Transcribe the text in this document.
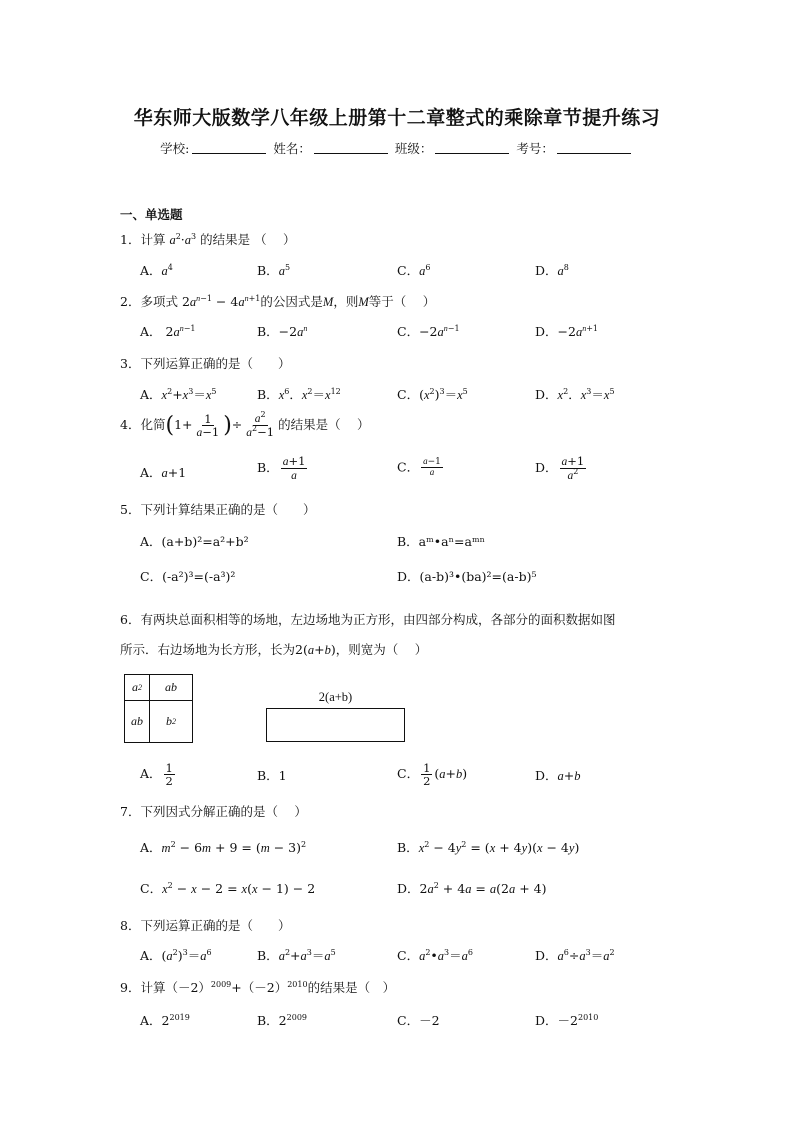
华东师大版数学八年级上册第十二章整式的乘除章节提升练习
学校:	姓名：	班级：	考号：
一、单选题
1．计算 $a^2\cdot a^3$ 的结果是 （　 ）
A．$a^4$	B．$a^5$	C．$a^6$	D．$a^8$
2．多项式 $2a^{n-1} - 4a^{n+1}$的公因式是M，则M等于（　 ）
A． $2a^{n-1}$	B．$-2a^n$	C．$-2a^{n-1}$	D．$-2a^{n+1}$
3．下列运算正确的是（　　）
A．$x^2+x^3=x^5$	B．$x^6$．$x^2=x^{12}$	C．$(x^2)^3=x^5$	D．$x^2$．$x^3=x^5$
4．化简($1+ \frac{1}{a-1}$ )÷ $\frac{a^2}{a^2-1}$ 的结果是（　 ）
A．a+1	B． $\frac{a+1}{a}$	C． $\frac{a-1}{a}$	D． $\frac{a+1}{a^2}$
5．下列计算结果正确的是（　　）
A．(a+b)²=a²+b²	B．aᵐ•aⁿ=aᵐⁿ
C．(-a²)³=(-a³)²	D．(a-b)³•(ba)²=(a-b)⁵
6．有两块总面积相等的场地，左边场地为正方形，由四部分构成，各部分的面积数据如图
所示．右边场地为长方形，长为2(a+b)，则宽为（　 ）
a 2	ab
ab	b 2
2(a+b)
A． $\frac{1}{2}$	B．1	C． $\frac{1}{2} (a+b)$	D．a+b
7．下列因式分解正确的是（　 ）
A．$m^2 - 6m + 9 = (m - 3)^2$	B．$x^2 - 4y^2 = (x + 4y)(x - 4y)$
C．$x^2 - x - 2 = x(x - 1) - 2$	D．$2a^2 + 4a = a(2a + 4)$
8．下列运算正确的是（　　）
A．$(a^2)^3=a^6$	B．$a^2+a^3=a^5$	C．$a^2•a^3=a^6$	D．$a^6\div a^3=a^2$
9．计算$(-2)^{2009}+(-2)^{2010}$的结果是（　）
A．$2^{2019}$	B．$2^{2009}$	C．－2	D．$-2^{2010}$
